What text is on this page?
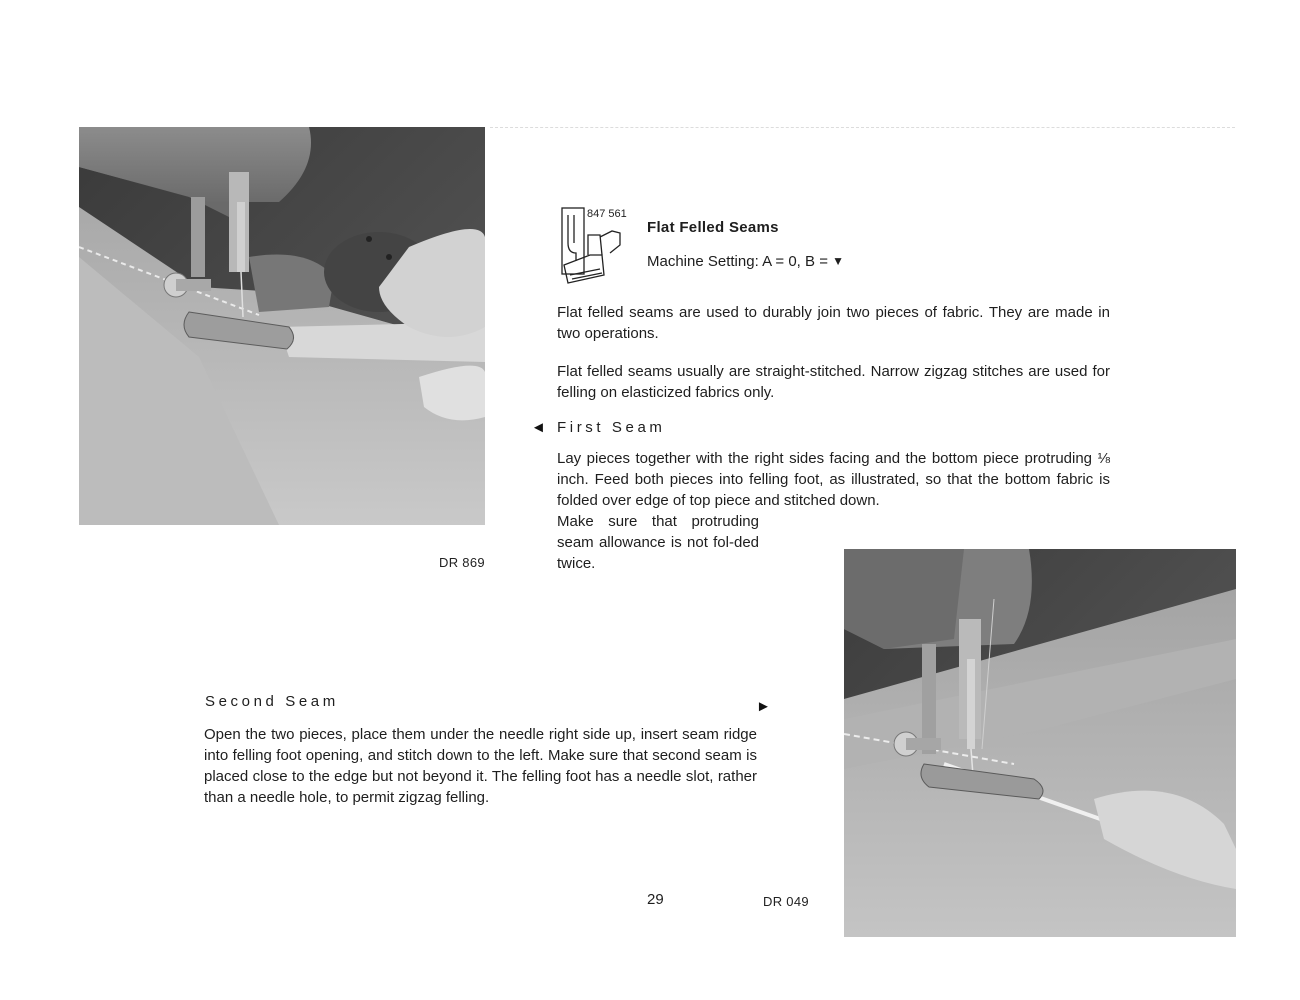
DR 869
847 561
Flat Felled Seams
Machine Setting: A = 0, B = ▼

Flat felled seams are used to durably join two pieces of fabric. They are made in two operations.

Flat felled seams usually are straight-stitched. Narrow zigzag stitches are used for felling on elasticized fabrics only.

◄ First Seam

Lay pieces together with the right sides facing and the bottom piece protruding ⅛ inch. Feed both pieces into felling foot, as illustrated, so that the bottom fabric is folded over edge of top piece and stitched down.

Make sure that protruding seam allowance is not fol-ded twice.

Second Seam	►

Open the two pieces, place them under the needle right side up, insert seam ridge into felling foot opening, and stitch down to the left. Make sure that second seam is placed close to the edge but not beyond it. The felling foot has a needle slot, rather than a needle hole, to permit zigzag felling.

DR 049
29
